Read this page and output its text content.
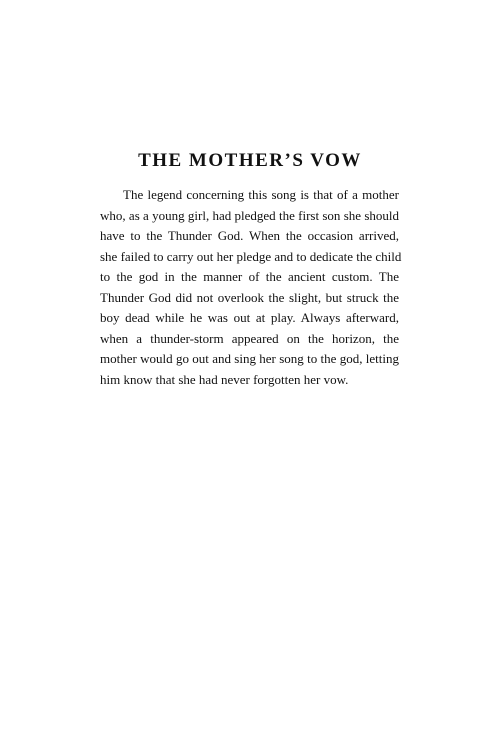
THE MOTHER’S VOW
The legend concerning this song is that of a mother
who, as a young girl, had pledged the first son she should
have to the Thunder God. When the occasion arrived,
she failed to carry out her pledge and to dedicate the child
to the god in the manner of the ancient custom. The
Thunder God did not overlook the slight, but struck the
boy dead while he was out at play. Always afterward,
when a thunder-storm appeared on the horizon, the
mother would go out and sing her song to the god, letting
him know that she had never forgotten her vow.
